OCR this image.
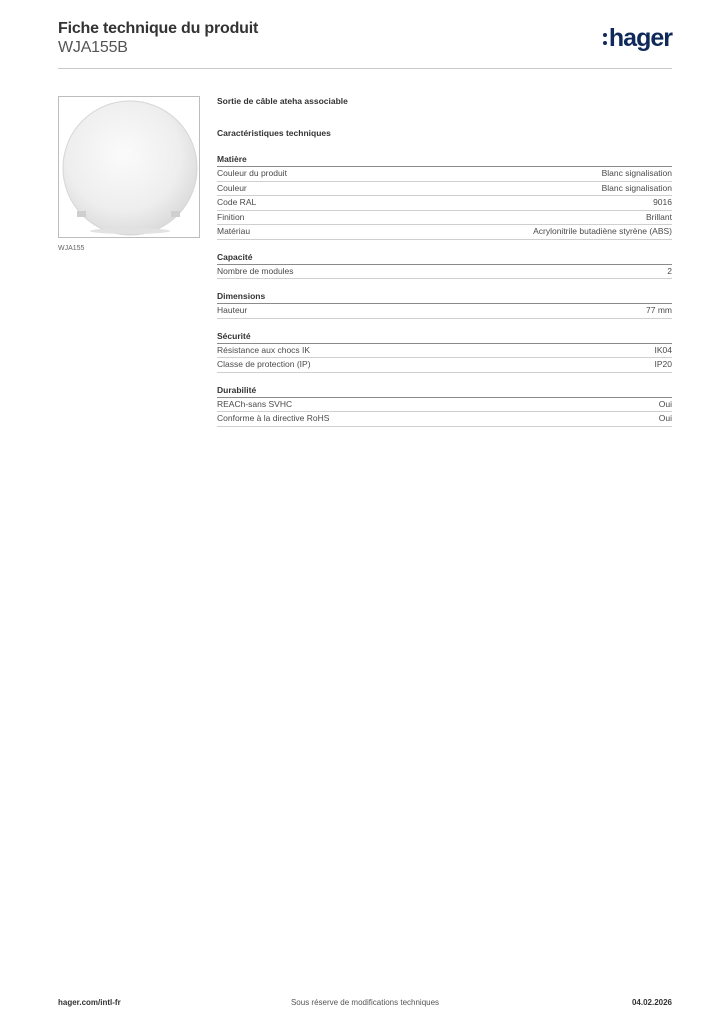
Fiche technique du produit
WJA155B	hager
WJA155
Sortie de câble ateha associable
Caractéristiques techniques
Matière
Couleur du produit	Blanc signalisation
Couleur	Blanc signalisation
Code RAL	9016
Finition	Brillant
Matériau	Acrylonitrile butadiène styrène (ABS)
Capacité
Nombre de modules	2
Dimensions
Hauteur	77 mm
Sécurité
Résistance aux chocs IK	IK04
Classe de protection (IP)	IP20
Durabilité
REACh-sans SVHC	Oui
Conforme à la directive RoHS	Oui
Sous réserve de modifications techniques
hager.com/intl-fr	04.02.2026
